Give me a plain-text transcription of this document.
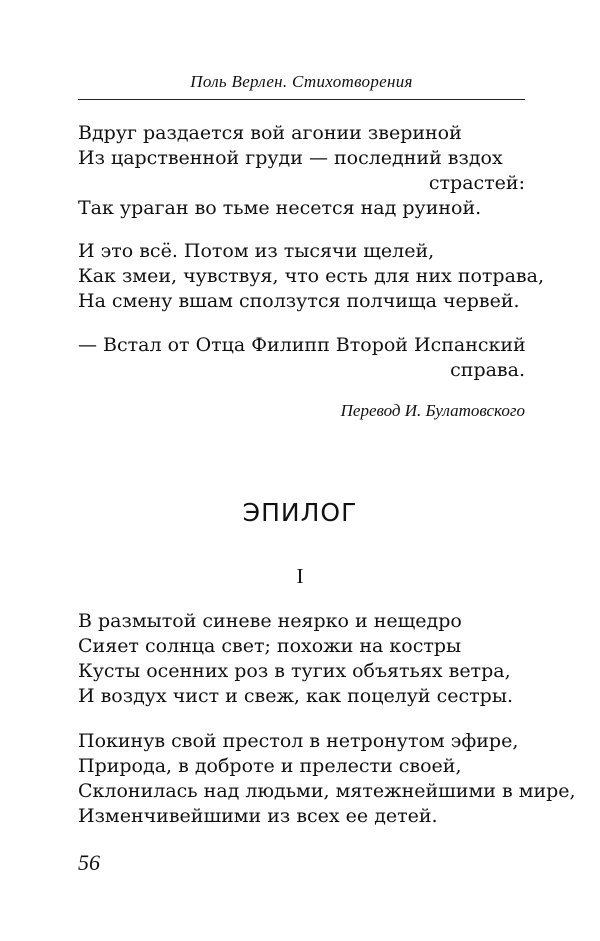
Поль Верлен. Стихотворения
Вдруг раздается вой агонии звериной
Из царственной груди — последний вздох
страстей:
Так ураган во тьме несется над руиной.
И это всё. Потом из тысячи щелей,
Как змеи, чувствуя, что есть для них потрава,
На смену вшам сползутся полчища червей.
— Встал от Отца Филипп Второй Испанский
справа.
Перевод И. Булатовского
ЭПИЛОГ
I
В размытой синеве неярко и нещедро
Сияет солнца свет; похожи на костры
Кусты осенних роз в тугих объятьях ветра,
И воздух чист и свеж, как поцелуй сестры.
Покинув свой престол в нетронутом эфире,
Природа, в доброте и прелести своей,
Склонилась над людьми, мятежнейшими в мире,
Изменчивейшими из всех ее детей.
56
